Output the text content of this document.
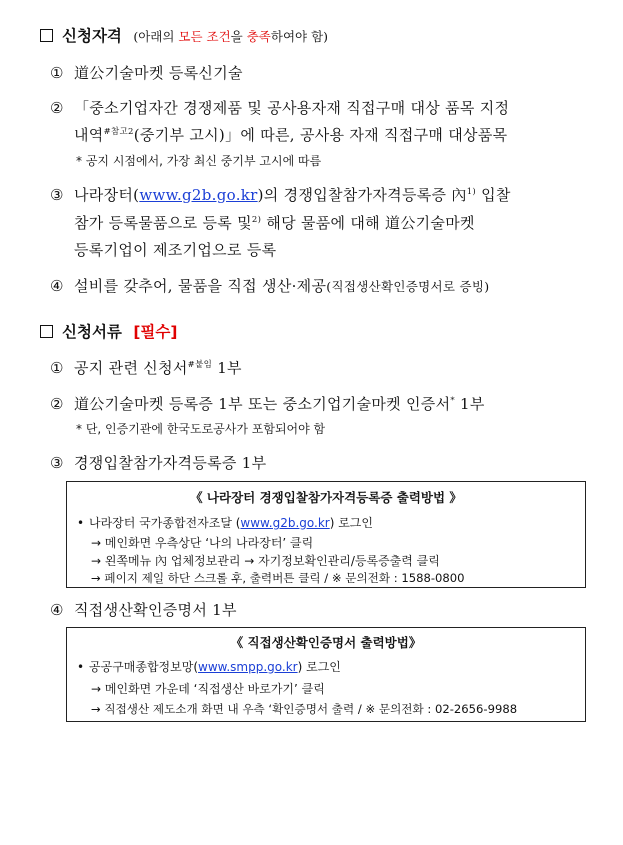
신청자격 (아래의 모든 조건을 충족하여야 함)
① 道公기술마켓 등록신기술
② 「중소기업자간 경쟁제품 및 공사용자재 직접구매 대상 품목 지정
내역$^{\#참고2}$(중기부 고시)」에 따른, 공사용 자재 직접구매 대상품목
* 공지 시점에서, 가장 최신 중기부 고시에 따름
③ 나라장터(www.g2b.go.kr)의 경쟁입찰참가자격등록증 內$^{1)}$ 입찰
참가 등록물품으로 등록 및$^{2)}$ 해당 물품에 대해 道公기술마켓
등록기업이 제조기업으로 등록
④ 설비를 갖추어, 물품을 직접 생산·제공(직접생산확인증명서로 증빙)
신청서류 [필수]
① 공지 관련 신청서$^{\#붙임}$ 1부
② 道公기술마켓 등록증 1부 또는 중소기업기술마켓 인증서* 1부
* 단, 인증기관에 한국도로공사가 포함되어야 함
③ 경쟁입찰참가자격등록증 1부
《 나라장터 경쟁입찰참가자격등록증 출력방법 》
• 나라장터 국가종합전자조달 (www.g2b.go.kr) 로그인
→ 메인화면 우측상단 ‘나의 나라장터’ 클릭
→ 왼쪽메뉴 內 업체정보관리 → 자기정보확인관리/등록증출력 클릭
→ 페이지 제일 하단 스크롤 후, 출력버튼 클릭 / ※ 문의전화 : 1588-0800
④ 직접생산확인증명서 1부
《 직접생산확인증명서 출력방법》
• 공공구매종합정보망(www.smpp.go.kr) 로그인
→ 메인화면 가운데 ‘직접생산 바로가기’ 클릭
→ 직접생산 제도소개 화면 내 우측 ‘확인증명서 출력 / ※ 문의전화 : 02-2656-9988
